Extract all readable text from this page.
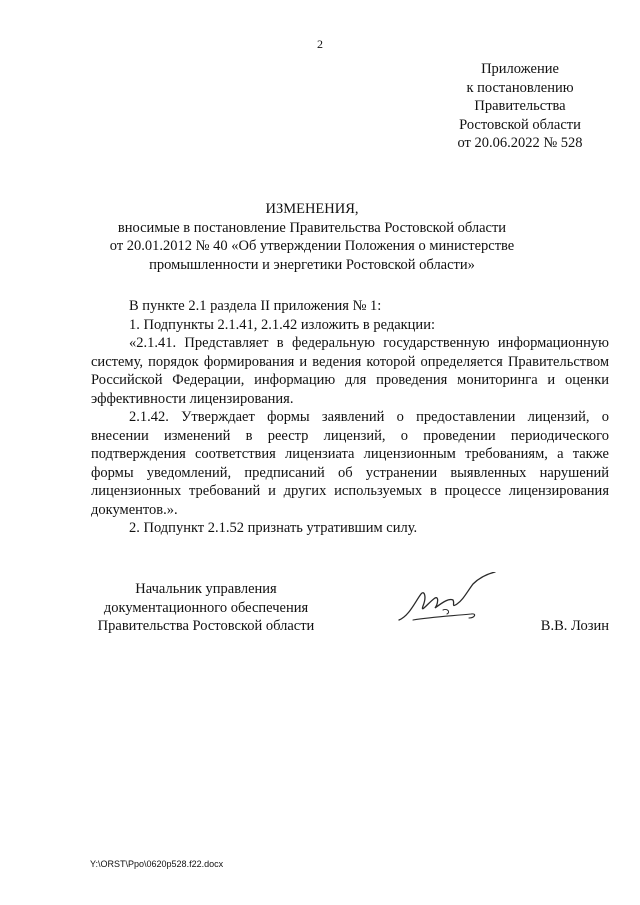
2
Приложение
к постановлению
Правительства
Ростовской области
от 20.06.2022 № 528
ИЗМЕНЕНИЯ,
вносимые в постановление Правительства Ростовской области
от 20.01.2012 № 40 «Об утверждении Положения о министерстве
промышленности и энергетики Ростовской области»
В пункте 2.1 раздела II приложения № 1:
1. Подпункты 2.1.41, 2.1.42 изложить в редакции:
«2.1.41. Представляет в федеральную государственную информационную систему, порядок формирования и ведения которой определяется Правительством Российской Федерации, информацию для проведения мониторинга и оценки эффективности лицензирования.
2.1.42. Утверждает формы заявлений о предоставлении лицензий, о внесении изменений в реестр лицензий, о проведении периодического подтверждения соответствия лицензиата лицензионным требованиям, а также формы уведомлений, предписаний об устранении выявленных нарушений лицензионных требований и других используемых в процессе лицензирования документов.».
2. Подпункт 2.1.52 признать утратившим силу.
Начальник управления
документационного обеспечения
Правительства Ростовской области	В.В. Лозин
Y:\ORST\Ppo\0620p528.f22.docx
